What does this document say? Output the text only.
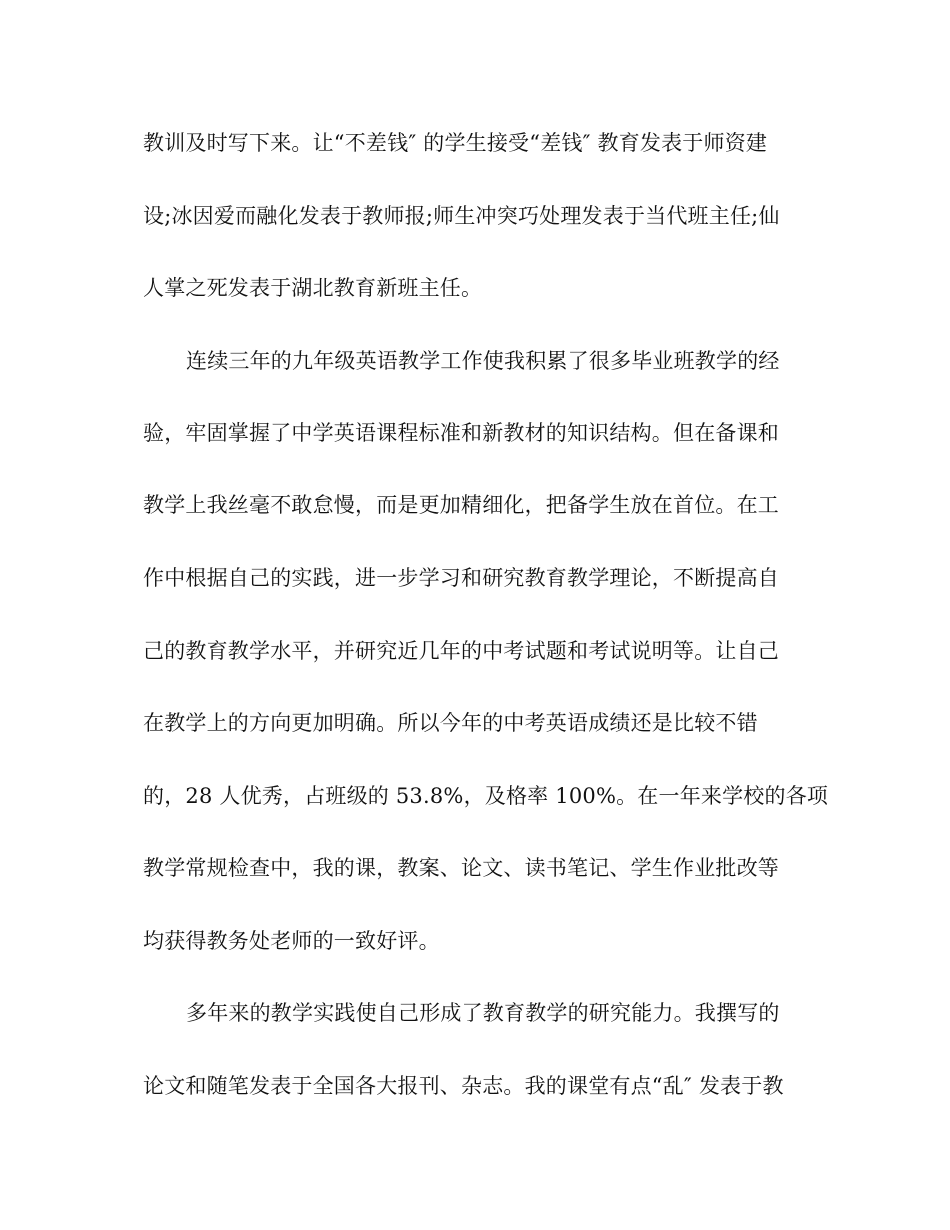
教训及时写下来。让“不差钱″ 的学生接受“差钱″ 教育发表于师资建
设;冰因爱而融化发表于教师报;师生冲突巧处理发表于当代班主任;仙
人掌之死发表于湖北教育新班主任。
连续三年的九年级英语教学工作使我积累了很多毕业班教学的经
验，牢固掌握了中学英语课程标准和新教材的知识结构。但在备课和
教学上我丝毫不敢怠慢，而是更加精细化，把备学生放在首位。在工
作中根据自己的实践，进一步学习和研究教育教学理论，不断提高自
己的教育教学水平，并研究近几年的中考试题和考试说明等。让自己
在教学上的方向更加明确。所以今年的中考英语成绩还是比较不错
的，28 人优秀，占班级的 53.8%，及格率 100%。在一年来学校的各项
教学常规检查中，我的课，教案、论文、读书笔记、学生作业批改等
均获得教务处老师的一致好评。
多年来的教学实践使自己形成了教育教学的研究能力。我撰写的
论文和随笔发表于全国各大报刊、杂志。我的课堂有点“乱″ 发表于教
